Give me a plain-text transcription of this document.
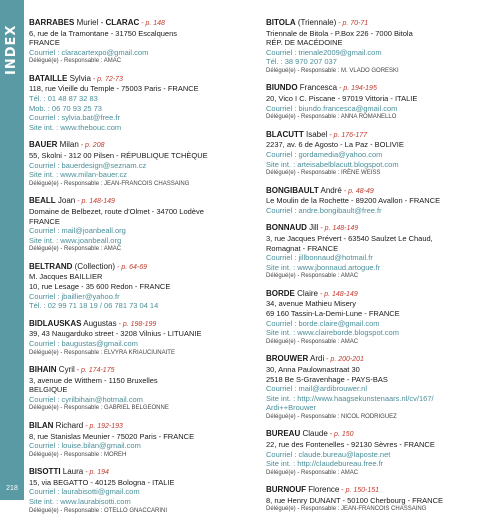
INDEX
218
BARRABES Muriel - CLARAC - p. 148
6, rue de la Tramontane - 31750 Escalquens
FRANCE
Courriel : claracartexpo@gmail.com
Délégué(e) - Responsable : AMAC
BATAILLE Sylvia - p. 72-73
118, rue Vieille du Temple - 75003 Paris - FRANCE
Tél. : 01 48 87 32 83
Mob. : 06 70 93 25 73
Courriel : sylvia.bat@free.fr
Site int. : www.thebouc.com
BAUER Milan - p. 208
55, Skolni - 312 00 Pilsen - RÉPUBLIQUE TCHÈQUE
Courriel : bauerdesign@seznam.cz
Site int. : www.milan-bauer.cz
Délégué(e) - Responsable : JEAN-FRANCOIS CHASSAING
BEALL Joan - p. 148-149
Domaine de Belbezet, route d'Olmet - 34700 Lodève
FRANCE
Courriel : mail@joanbeall.org
Site int. : www.joanbeall.org
Délégué(e) - Responsable : AMAC
BELTRAND (Collection) - p. 64-69
M. Jacques BAILLIER
10, rue Lesage - 35 600 Redon - FRANCE
Courriel : jbaillier@yahoo.fr
Tél. : 02 99 71 18 19 / 06 781 73 04 14
BIDLAUSKAS Augustas - p. 198-199
39, 43 Naugarduko street - 3208 Vilnius - LITUANIE
Courriel : baugustas@gmail.com
Délégué(e) - Responsable : ELVYRA KRIAUCIUNAITE
BIHAIN Cyril - p. 174-175
3, avenue de Witthem - 1150 Bruxelles
BELGIQUE
Courriel : cyrilbihain@hotmail.com
Délégué(e) - Responsable : GABRIEL BELGEONNE
BILAN Richard - p. 192-193
8, rue Stanislas Meunier - 75020 Paris - FRANCE
Courriel : louise.bilan@gmail.com
Délégué(e) - Responsable : MOREH
BISOTTI Laura - p. 194
15, via BEGATTO - 40125 Bologna - ITALIE
Courriel : laurabisotti@gmail.com
Site int. : www.laurabisotti.com
Délégué(e) - Responsable : OTELLO GNACCARINI
BITOLA (Triennale) - p. 70-71
Triennale de Bitola - P.Box 226 - 7000 Bitola
RÉP. DE MACÉDOINE
Courriel : trienale2009@gmail.com
Tél. : 38 970 207 037
Délégué(e) - Responsable : M. VLADO GORESKI
BIUNDO Francesca - p. 194-195
20, Vico I C. Piscane - 97019 Vittoria - ITALIE
Courriel : biundo.francesca@gmail.com
Délégué(e) - Responsable : ANNA ROMANELLO
BLACUTT Isabel - p. 176-177
2237, av. 6 de Agosto - La Paz - BOLIVIE
Courriel : gordamedia@yahoo.com
Site int. : arteisabelblacutt.blogspot.com
Délégué(e) - Responsable : IRÈNE WEISS
BONGIBAULT André - p. 48-49
Le Moulin de la Rochette - 89200 Avallon - FRANCE
Courriel : andre.bongibault@free.fr
BONNAUD Jill - p. 148-149
3, rue Jacques Prévert - 63540 Saulzet Le Chaud,
Romagnat - FRANCE
Courriel : jillbonnaud@hotmail.fr
Site int. : www.jbonnaud.artogue.fr
Délégué(e) - Responsable : AMAC
BORDE Claire - p. 148-149
34, avenue Mathieu Misery
69 160 Tassin-La-Demi-Lune - FRANCE
Courriel : borde.claire@gmail.com
Site int. : www.claireborde.blogspot.com
Délégué(e) - Responsable : AMAC
BROUWER Ardi - p. 200-201
30, Anna Paulownastraat 30
2518 Be S-Gravenhage - PAYS-BAS
Courriel : mail@ardibrouwer.nl
Site int. : http://www.haagsekunstenaars.nl/cv/167/
Ardi++Brouwer
Délégué(e) - Responsable : NICOL RODRIGUEZ
BUREAU Claude - p. 150
22, rue des Fontenelles - 92130 Sèvres - FRANCE
Courriel : claude.bureau@laposte.net
Site int. : http://claudebureau.free.fr
Délégué(e) - Responsable : AMAC
BURNOUF Florence - p. 150-151
8, rue Henry DUNANT - 50100 Cherbourg - FRANCE
Délégué(e) - Responsable : JEAN-FRANCOIS CHASSAING
